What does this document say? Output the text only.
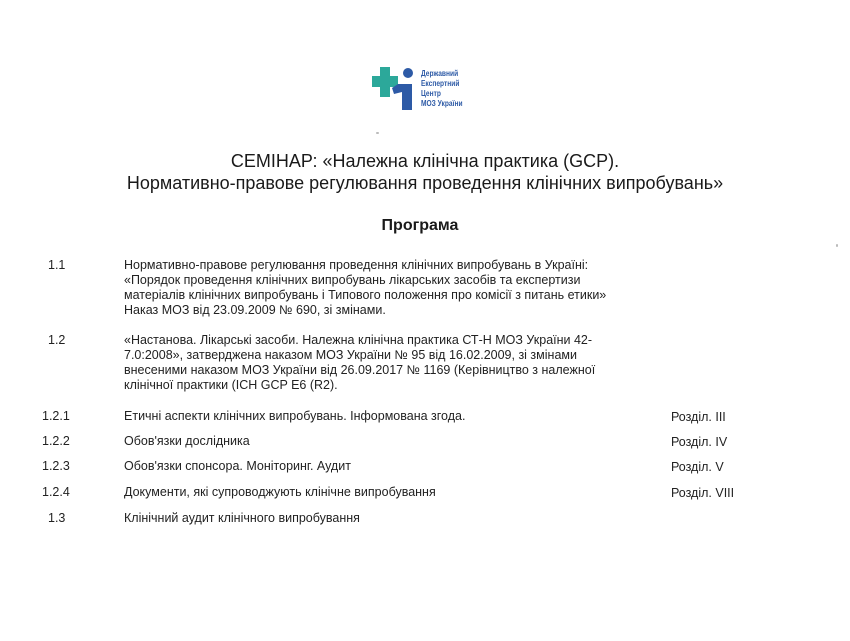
Державний
Експертний
Центр
МОЗ України
СЕМІНАР: «Належна клінічна практика (GCP).
Нормативно-правове регулювання проведення клінічних випробувань»
Програма
1.1	Нормативно-правове регулювання проведення клінічних випробувань в Україні:
«Порядок проведення клінічних випробувань лікарських засобів та експертизи
матеріалів клінічних випробувань і Типового положення про комісії з питань етики»
Наказ МОЗ від 23.09.2009 № 690, зі змінами.
1.2	«Настанова. Лікарські засоби. Належна клінічна практика СТ-Н МОЗ України 42-
7.0:2008», затверджена наказом МОЗ України № 95 від 16.02.2009, зі змінами
внесеними наказом МОЗ України від 26.09.2017 № 1169 (Керівництво з належної
клінічної практики (ICH GCP E6 (R2).
1.2.1	Етичні аспекти клінічних випробувань. Інформована згода.	Розділ. III
1.2.2	Обов'язки дослідника	Розділ. IV
1.2.3	Обов'язки спонсора. Моніторинг. Аудит	Розділ. V
1.2.4	Документи, які супроводжують клінічне випробування	Розділ. VIII
1.3	Клінічний аудит клінічного випробування
